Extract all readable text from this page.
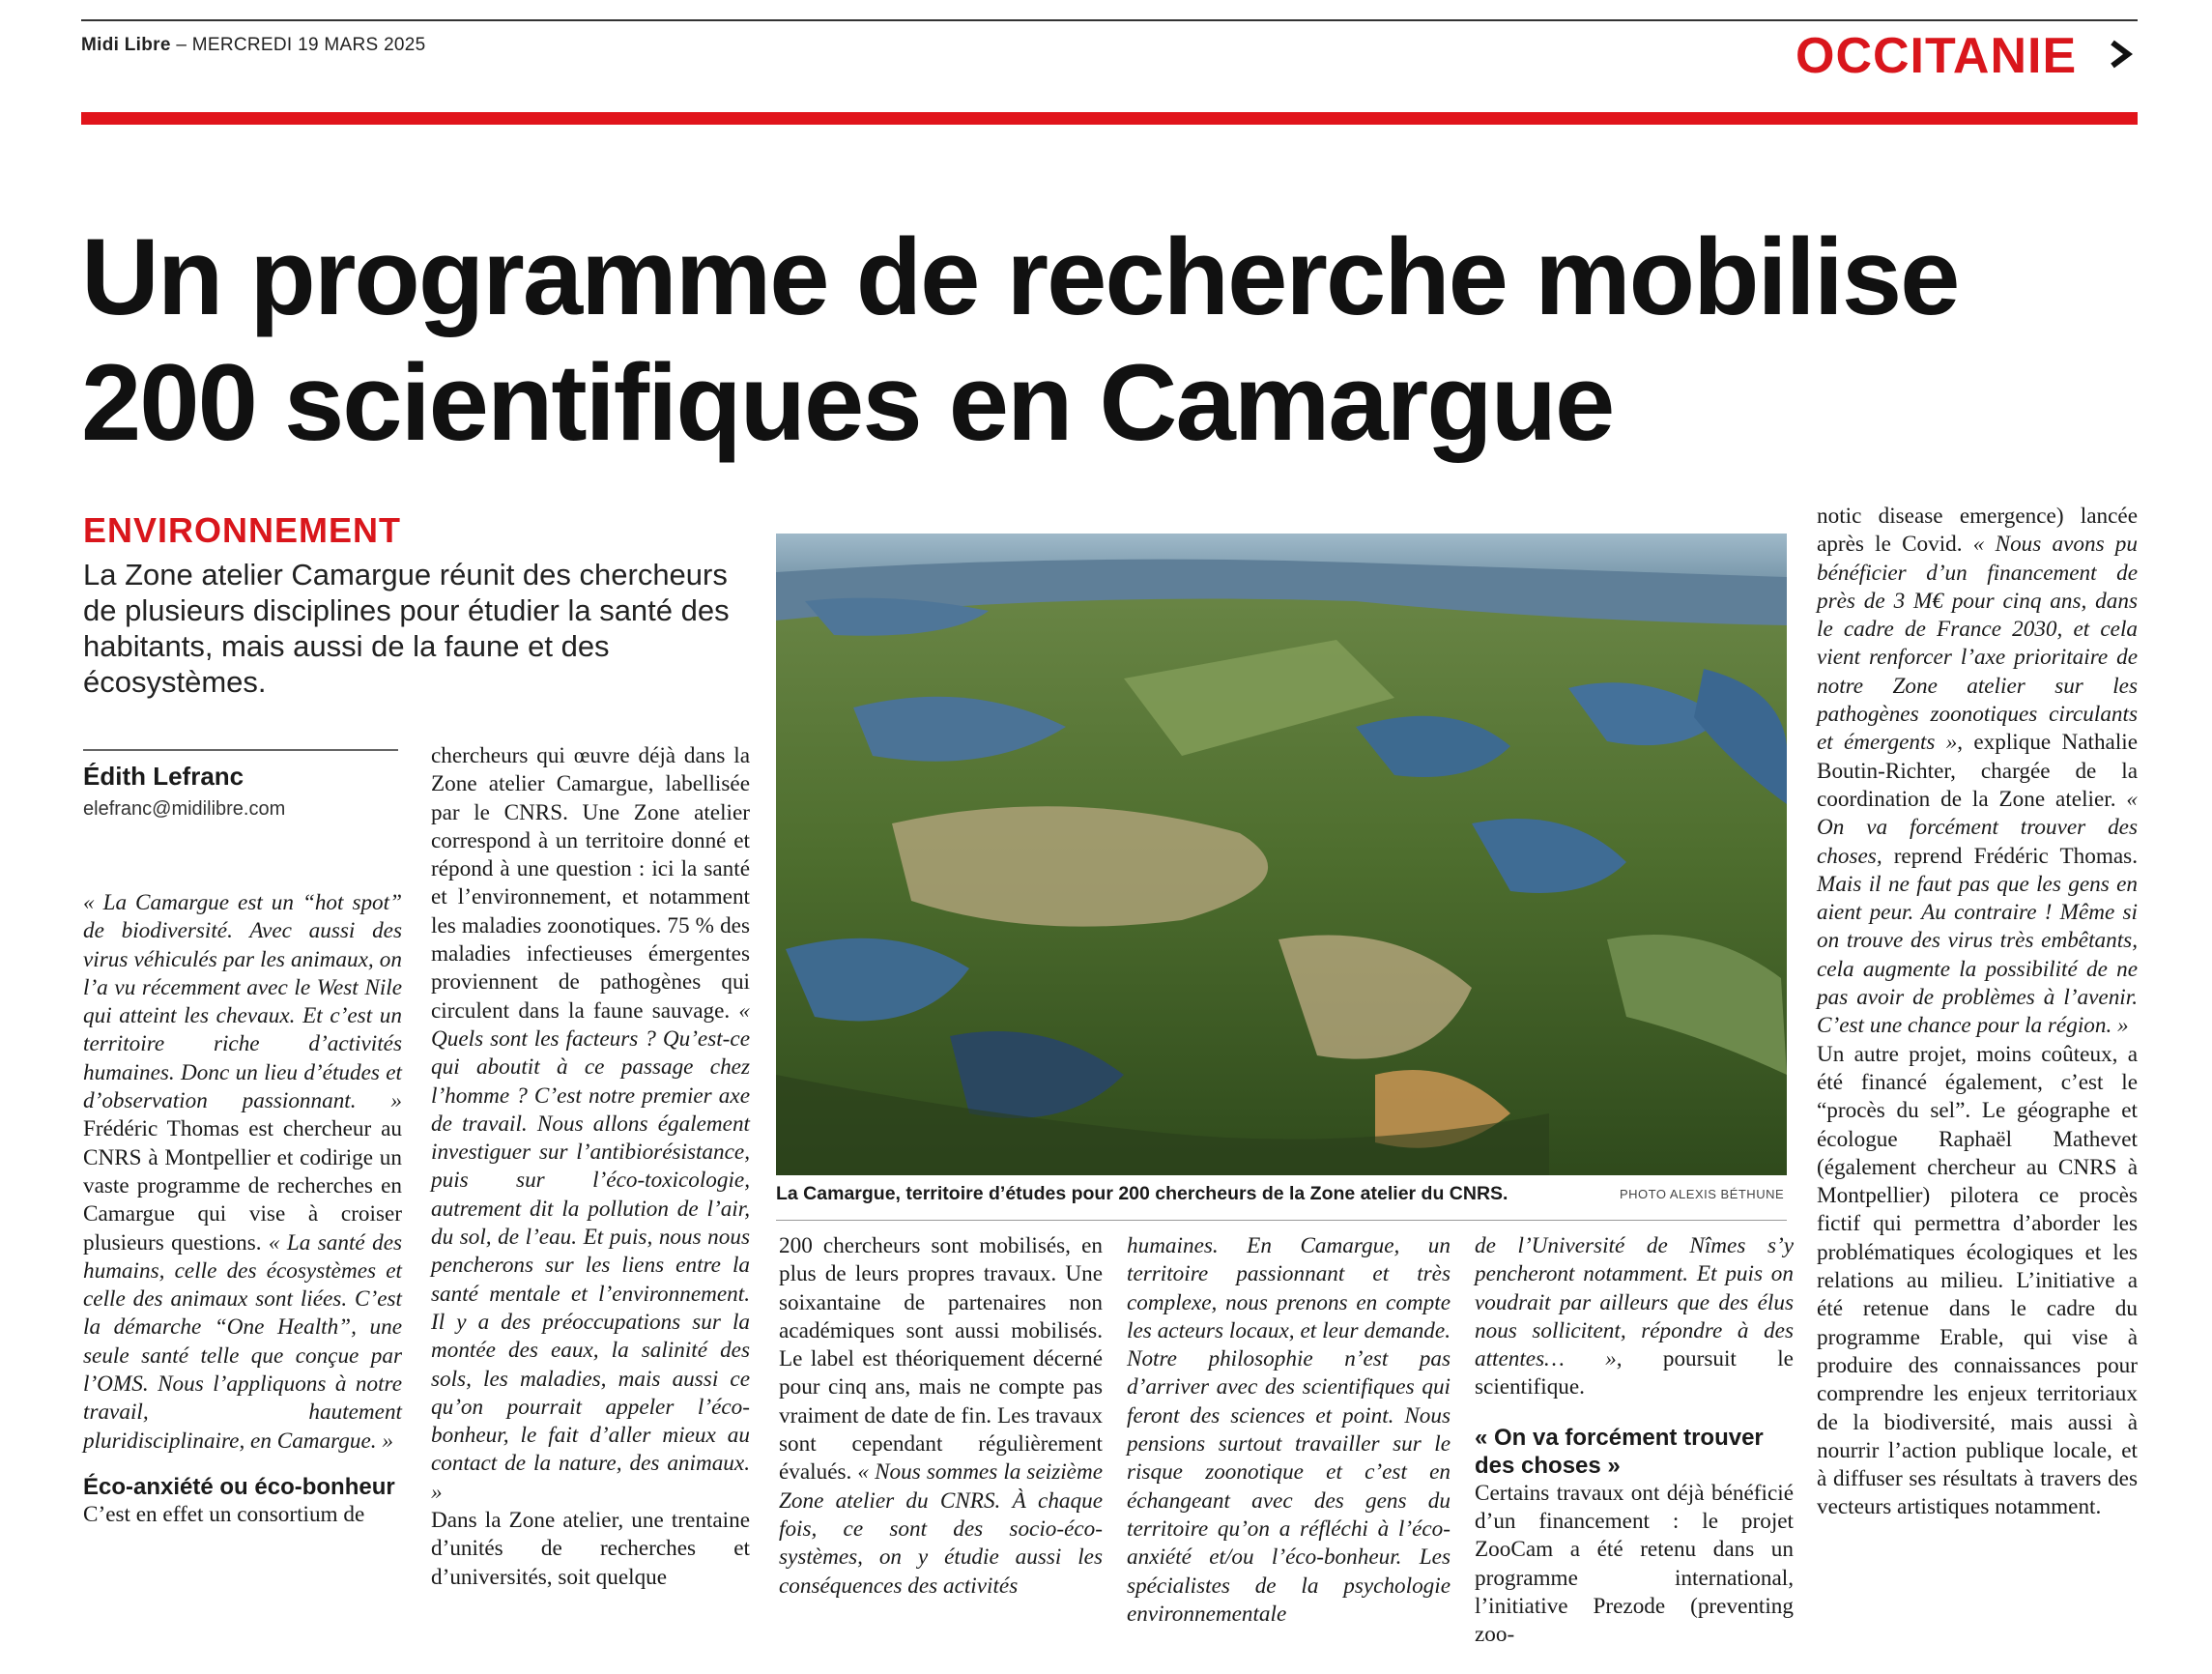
Midi Libre – MERCREDI 19 MARS 2025	OCCITANIE
Un programme de recherche mobilise
200 scientifiques en Camargue
ENVIRONNEMENT
La Zone atelier Camargue réunit des chercheurs de plusieurs disciplines pour étudier la santé des habitants, mais aussi de la faune et des écosystèmes.
Édith Lefranc
elefranc@midilibre.com

« La Camargue est un “hot spot” de biodiversité. Avec aussi des virus véhiculés par les animaux, on l’a vu récemment avec le West Nile qui atteint les chevaux. Et c’est un territoire riche d’activités humaines. Donc un lieu d’études et d’observation passionnant. » Frédéric Thomas est chercheur au CNRS à Montpellier et codirige un vaste programme de recherches en Camargue qui vise à croiser plusieurs questions. « La santé des humains, celle des écosystèmes et celle des animaux sont liées. C’est la démarche “One Health”, une seule santé telle que conçue par l’OMS. Nous l’appliquons à notre travail, hautement pluridisciplinaire, en Camargue. »

Éco-anxiété ou éco-bonheur

C’est en effet un consortium de

chercheurs qui œuvre déjà dans la Zone atelier Camargue, labellisée par le CNRS. Une Zone atelier correspond à un territoire donné et répond à une question : ici la santé et l’environnement, et notamment les maladies zoonotiques. 75 % des maladies infectieuses émergentes proviennent de pathogènes qui circulent dans la faune sauvage. « Quels sont les facteurs ? Qu’est-ce qui aboutit à ce passage chez l’homme ? C’est notre premier axe de travail. Nous allons également investiguer sur l’antibiorésistance, puis sur l’éco-toxicologie, autrement dit la pollution de l’air, du sol, de l’eau. Et puis, nous nous pencherons sur les liens entre la santé mentale et l’environnement. Il y a des préoccupations sur la montée des eaux, la salinité des sols, les maladies, mais aussi ce qu’on pourrait appeler l’éco-bonheur, le fait d’aller mieux au contact de la nature, des animaux. »

Dans la Zone atelier, une trentaine d’unités de recherches et d’universités, soit quelque

La Camargue, territoire d’études pour 200 chercheurs de la Zone atelier du CNRS.	PHOTO ALEXIS BÉTHUNE

200 chercheurs sont mobilisés, en plus de leurs propres travaux. Une soixantaine de partenaires non académiques sont aussi mobilisés. Le label est théoriquement décerné pour cinq ans, mais ne compte pas vraiment de date de fin. Les travaux sont cependant régulièrement évalués. « Nous sommes la seizième Zone atelier du CNRS. À chaque fois, ce sont des socio-éco-systèmes, on y étudie aussi les conséquences des activités

humaines. En Camargue, un territoire passionnant et très complexe, nous prenons en compte les acteurs locaux, et leur demande. Notre philosophie n’est pas d’arriver avec des scientifiques qui feront des sciences et point. Nous pensions surtout travailler sur le risque zoonotique et c’est en échangeant avec des gens du territoire qu’on a réfléchi à l’éco-anxiété et/ou l’éco-bonheur. Les spécialistes de la psychologie environnementale

de l’Université de Nîmes s’y pencheront notamment. Et puis on voudrait par ailleurs que des élus nous sollicitent, répondre à des attentes… », poursuit le scientifique.

« On va forcément trouver des choses »

Certains travaux ont déjà bénéficié d’un financement : le projet ZooCam a été retenu dans un programme international, l’initiative Prezode (preventing zoo-

notic disease emergence) lancée après le Covid. « Nous avons pu bénéficier d’un financement de près de 3 M€ pour cinq ans, dans le cadre de France 2030, et cela vient renforcer l’axe prioritaire de notre Zone atelier sur les pathogènes zoonotiques circulants et émergents », explique Nathalie Boutin-Richter, chargée de la coordination de la Zone atelier. « On va forcément trouver des choses, reprend Frédéric Thomas. Mais il ne faut pas que les gens en aient peur. Au contraire ! Même si on trouve des virus très embêtants, cela augmente la possibilité de ne pas avoir de problèmes à l’avenir. C’est une chance pour la région. »

Un autre projet, moins coûteux, a été financé également, c’est le “procès du sel”. Le géographe et écologue Raphaël Mathevet (également chercheur au CNRS à Montpellier) pilotera ce procès fictif qui permettra d’aborder les problématiques écologiques et les relations au milieu. L’initiative a été retenue dans le cadre du programme Erable, qui vise à produire des connaissances pour comprendre les enjeux territoriaux de la biodiversité, mais aussi à nourrir l’action publique locale, et à diffuser ses résultats à travers des vecteurs artistiques notamment.
